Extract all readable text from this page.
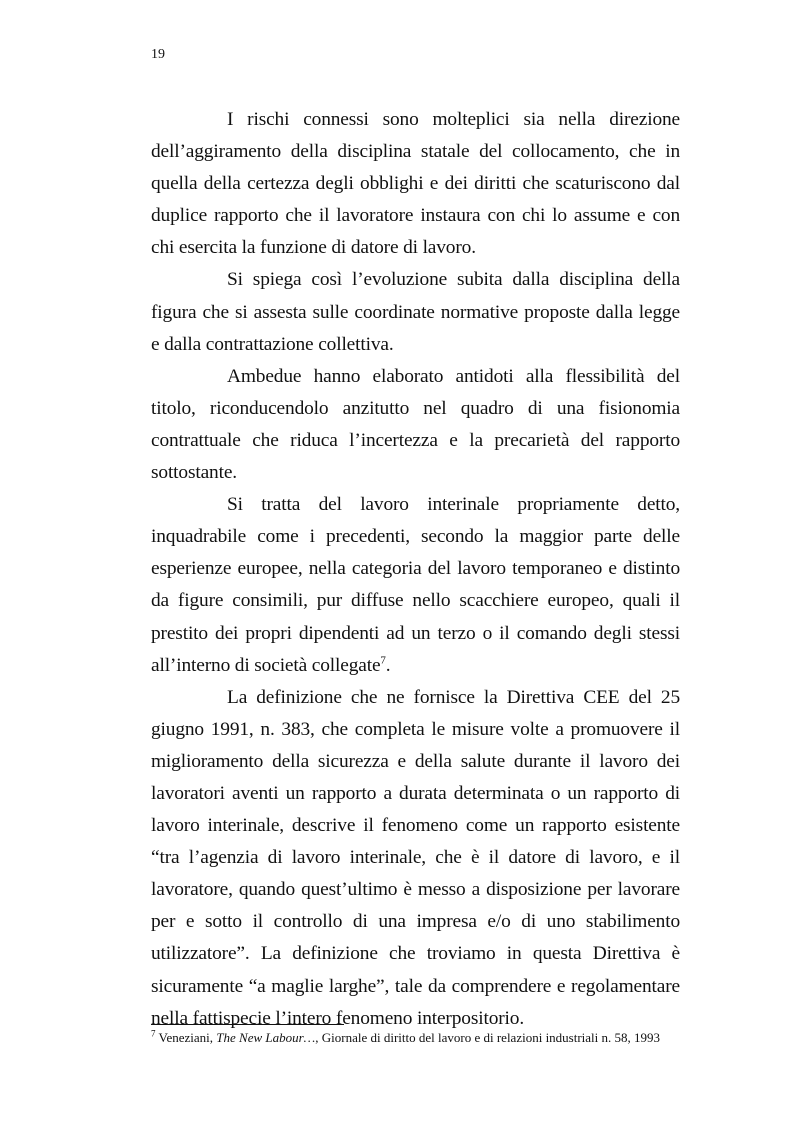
19

I rischi connessi sono molteplici sia nella direzione dell’aggiramento della disciplina statale del collocamento, che in quella della certezza degli obblighi e dei diritti che scaturiscono dal duplice rapporto che il lavoratore instaura con chi lo assume e con chi esercita la funzione di datore di lavoro.

Si spiega così l’evoluzione subita dalla disciplina della figura che si assesta sulle coordinate normative proposte dalla legge e dalla contrattazione collettiva.

Ambedue hanno elaborato antidoti alla flessibilità del titolo, riconducendolo anzitutto nel quadro di una fisionomia contrattuale che riduca l’incertezza e la precarietà del rapporto sottostante.

Si tratta del lavoro interinale propriamente detto, inquadrabile come i precedenti, secondo la maggior parte delle esperienze europee, nella categoria del lavoro temporaneo e distinto da figure consimili, pur diffuse nello scacchiere europeo, quali il prestito dei propri dipendenti ad un terzo o il comando degli stessi all’interno di società collegate$^7$.

La definizione che ne fornisce la Direttiva CEE del 25 giugno 1991, n. 383, che completa le misure volte a promuovere il miglioramento della sicurezza e della salute durante il lavoro dei lavoratori aventi un rapporto a durata determinata o un rapporto di lavoro interinale, descrive il fenomeno come un rapporto esistente “tra l’agenzia di lavoro interinale, che è il datore di lavoro, e il lavoratore, quando quest’ultimo è messo a disposizione per lavorare per e sotto il controllo di una impresa e/o di uno stabilimento utilizzatore”. La definizione che troviamo in questa Direttiva è sicuramente “a maglie larghe”, tale da comprendere e regolamentare nella fattispecie l’intero fenomeno interpositorio.

$^7$ Veneziani, The New Labour…, Giornale di diritto del lavoro e di relazioni industriali n. 58, 1993
